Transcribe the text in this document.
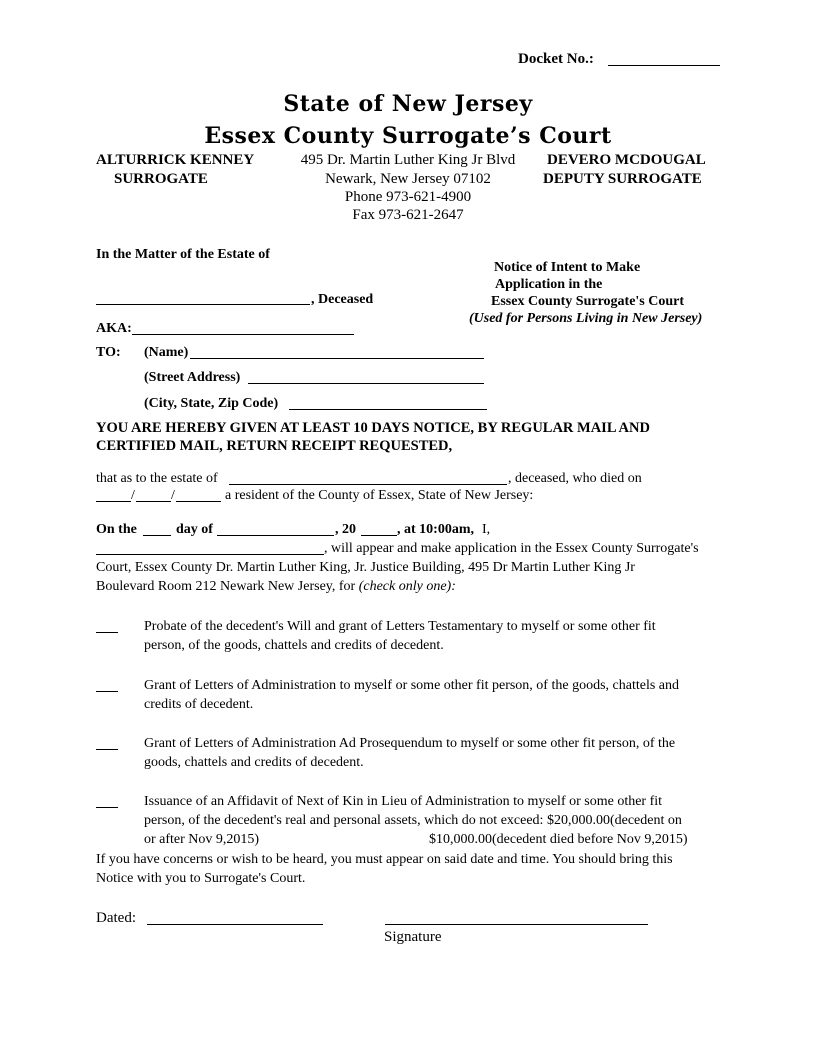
Docket No.:
State of New Jersey
Essex County Surrogate’s Court
ALTURRICK KENNEY
SURROGATE
495 Dr. Martin Luther King Jr Blvd
Newark, New Jersey 07102
Phone 973-621-4900
Fax 973-621-2647
DEVERO MCDOUGAL
DEPUTY SURROGATE
In the Matter of the Estate of
Notice of Intent to Make
Application in the
Essex County Surrogate's Court
(Used for Persons Living in New Jersey)
, Deceased
AKA:
TO: (Name)
(Street Address)
(City, State, Zip Code)
YOU ARE HEREBY GIVEN AT LEAST 10 DAYS NOTICE, BY REGULAR MAIL AND
CERTIFIED MAIL, RETURN RECEIPT REQUESTED,
that as to the estate of	, deceased, who died on
/	/	a resident of the County of Essex, State of New Jersey:
On the	day of	, 20	, at 10:00am, I,
, will appear and make application in the Essex County Surrogate's
Court, Essex County Dr. Martin Luther King, Jr. Justice Building, 495 Dr Martin Luther King Jr
Boulevard Room 212 Newark New Jersey, for (check only one):
Probate of the decedent's Will and grant of Letters Testamentary to myself or some other fit
person, of the goods, chattels and credits of decedent.
Grant of Letters of Administration to myself or some other fit person, of the goods, chattels and
credits of decedent.
Grant of Letters of Administration Ad Prosequendum to myself or some other fit person, of the
goods, chattels and credits of decedent.
Issuance of an Affidavit of Next of Kin in Lieu of Administration to myself or some other fit
person, of the decedent's real and personal assets, which do not exceed: $20,000.00(decedent on
or after Nov 9,2015)	$10,000.00(decedent died before Nov 9,2015)
If you have concerns or wish to be heard, you must appear on said date and time. You should bring this
Notice with you to Surrogate's Court.
Dated:
Signature
